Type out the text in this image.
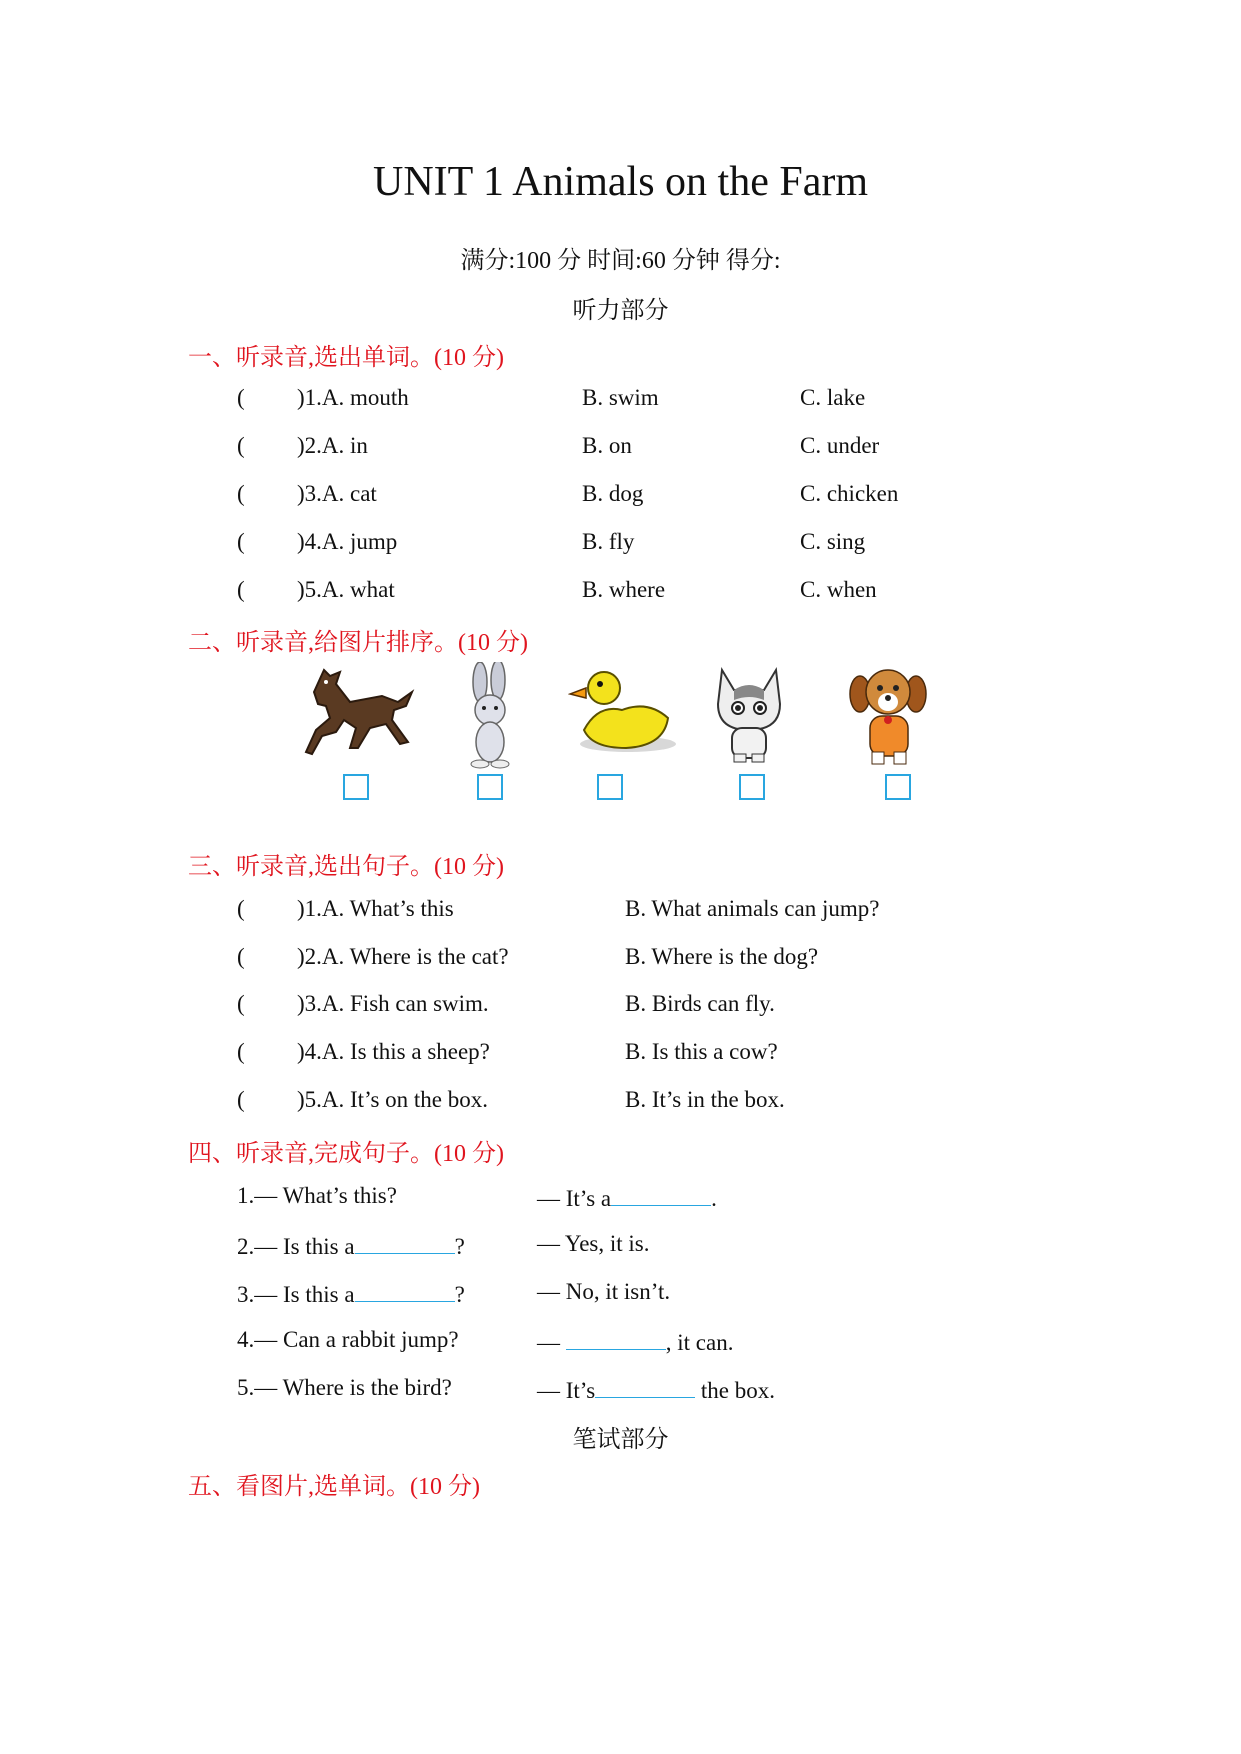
UNIT 1 Animals on the Farm
满分:100 分 时间:60 分钟 得分:
听力部分
一、听录音,选出单词。(10 分)
( )1.A. mouth	B. swim	C. lake
( )2.A. in	B. on	C. under
( )3.A. cat	B. dog	C. chicken
( )4.A. jump	B. fly	C. sing
( )5.A. what	B. where	C. when
二、听录音,给图片排序。(10 分)
三、听录音,选出句子。(10 分)
( )1.A. What’s this	B. What animals can jump?
( )2.A. Where is the cat?	B. Where is the dog?
( )3.A. Fish can swim.	B. Birds can fly.
( )4.A. Is this a sheep?	B. Is this a cow?
( )5.A. It’s on the box.	B. It’s in the box.
四、听录音,完成句子。(10 分)
1.— What’s this?	— It’s a	.
2.— Is this a	?	— Yes, it is.
3.— Is this a	?	— No, it isn’t.
4.— Can a rabbit jump?	—	, it can.
5.— Where is the bird?	— It’s	the box.
笔试部分
五、看图片,选单词。(10 分)
